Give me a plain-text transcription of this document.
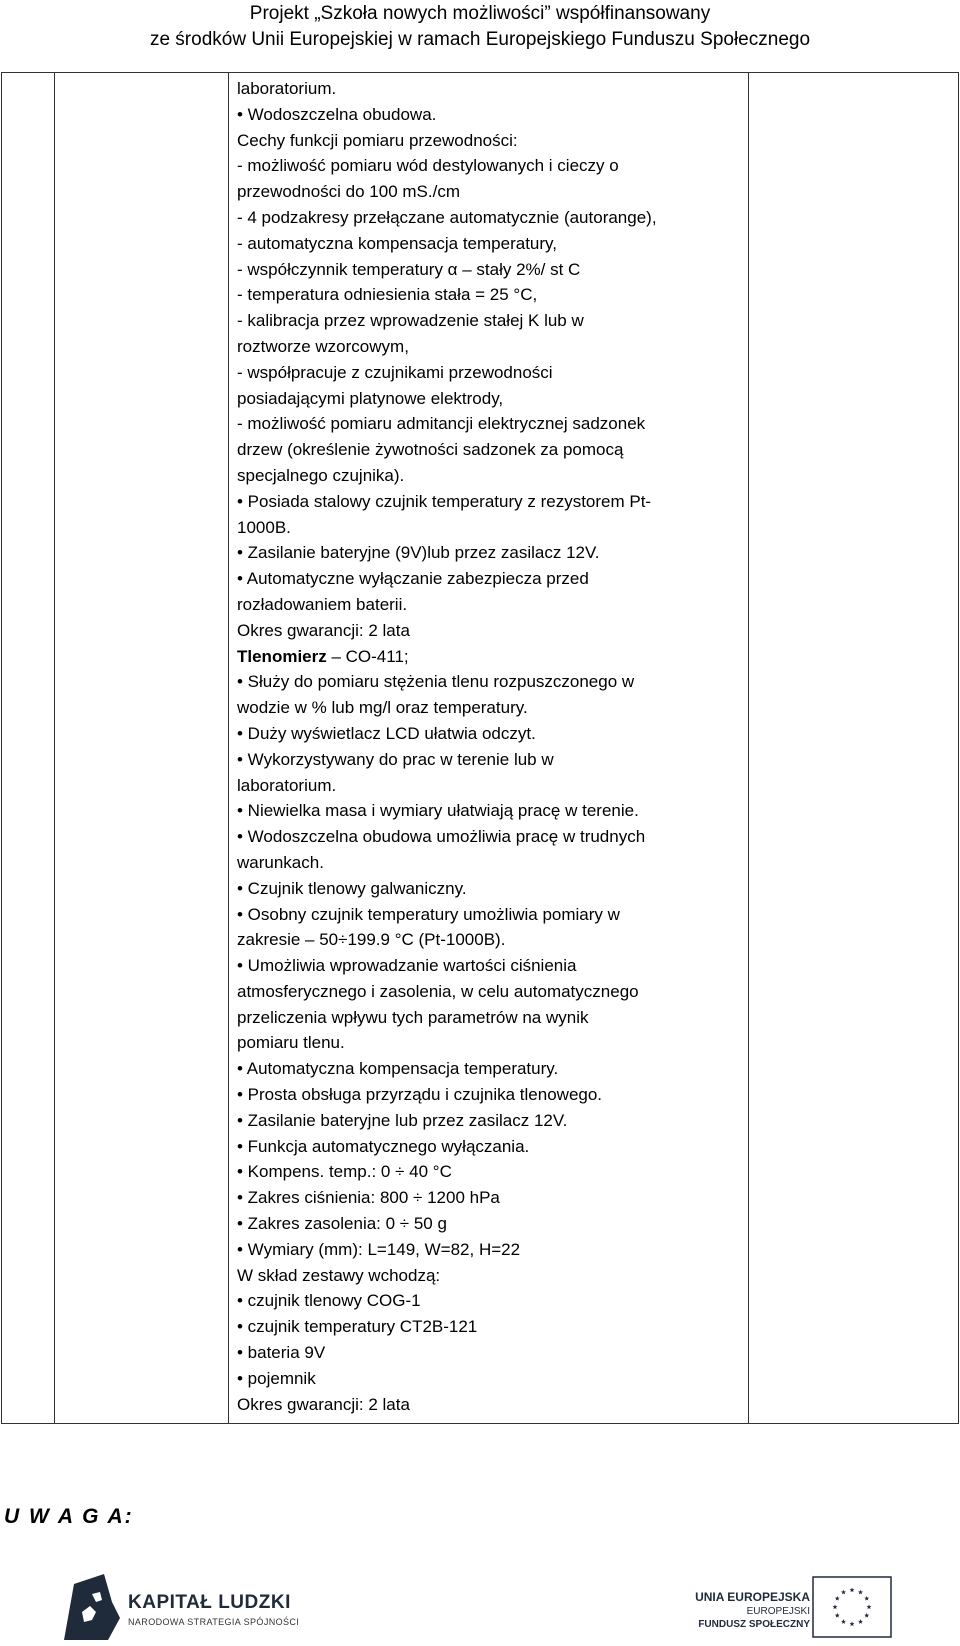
Projekt „Szkoła nowych możliwości” współfinansowany
ze środków Unii Europejskiej w ramach Europejskiego Funduszu Społecznego

laboratorium.
• Wodoszczelna obudowa.
Cechy funkcji pomiaru przewodności:
- możliwość pomiaru wód destylowanych i cieczy o
przewodności do 100 mS./cm
- 4 podzakresy przełączane automatycznie (autorange),
- automatyczna kompensacja temperatury,
- współczynnik temperatury α – stały 2%/ st C
- temperatura odniesienia stała = 25 °C,
- kalibracja przez wprowadzenie stałej K lub w
roztworze wzorcowym,
- współpracuje z czujnikami przewodności
posiadającymi platynowe elektrody,
- możliwość pomiaru admitancji elektrycznej sadzonek
drzew (określenie żywotności sadzonek za pomocą
specjalnego czujnika).
• Posiada stalowy czujnik temperatury z rezystorem Pt-
1000B.
• Zasilanie bateryjne (9V)lub przez zasilacz 12V.
• Automatyczne wyłączanie zabezpiecza przed
rozładowaniem baterii.
Okres gwarancji: 2 lata
Tlenomierz – CO-411;
• Służy do pomiaru stężenia tlenu rozpuszczonego w
wodzie w % lub mg/l oraz temperatury.
• Duży wyświetlacz LCD ułatwia odczyt.
• Wykorzystywany do prac w terenie lub w
laboratorium.
• Niewielka masa i wymiary ułatwiają pracę w terenie.
• Wodoszczelna obudowa umożliwia pracę w trudnych
warunkach.
• Czujnik tlenowy galwaniczny.
• Osobny czujnik temperatury umożliwia pomiary w
zakresie – 50÷199.9 °C (Pt-1000B).
• Umożliwia wprowadzanie wartości ciśnienia
atmosferycznego i zasolenia, w celu automatycznego
przeliczenia wpływu tych parametrów na wynik
pomiaru tlenu.
• Automatyczna kompensacja temperatury.
• Prosta obsługa przyrządu i czujnika tlenowego.
• Zasilanie bateryjne lub przez zasilacz 12V.
• Funkcja automatycznego wyłączania.
• Kompens. temp.: 0 ÷ 40 °C
• Zakres ciśnienia: 800 ÷ 1200 hPa
• Zakres zasolenia: 0 ÷ 50 g
• Wymiary (mm): L=149, W=82, H=22
W skład zestawy wchodzą:
• czujnik tlenowy COG-1
• czujnik temperatury CT2B-121
• bateria 9V
• pojemnik
Okres gwarancji: 2 lata

U W A G A:
KAPITAŁ LUDZKI
NARODOWA STRATEGIA SPÓJNOŚCI
UNIA EUROPEJSKA
EUROPEJSKI
FUNDUSZ SPOŁECZNY
